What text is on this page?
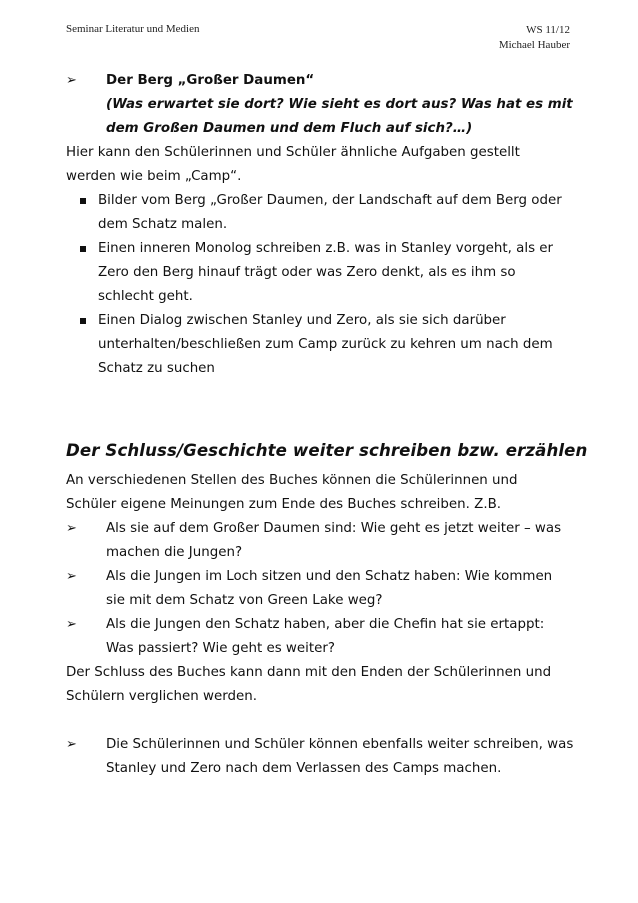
Seminar Literatur und Medien	WS 11/12
Michael Hauber
➢ Der Berg „Großer Daumen“
(Was erwartet sie dort? Wie sieht es dort aus? Was hat es mit
dem Großen Daumen und dem Fluch auf sich?…)
Hier kann den Schülerinnen und Schüler ähnliche Aufgaben gestellt
werden wie beim „Camp“.
Bilder vom Berg „Großer Daumen, der Landschaft auf dem Berg oder
dem Schatz malen.
Einen inneren Monolog schreiben z.B. was in Stanley vorgeht, als er
Zero den Berg hinauf trägt oder was Zero denkt, als es ihm so
schlecht geht.
Einen Dialog zwischen Stanley und Zero, als sie sich darüber
unterhalten/beschließen zum Camp zurück zu kehren um nach dem
Schatz zu suchen
Der Schluss/Geschichte weiter schreiben bzw. erzählen
An verschiedenen Stellen des Buches können die Schülerinnen und
Schüler eigene Meinungen zum Ende des Buches schreiben. Z.B.
➢ Als sie auf dem Großer Daumen sind: Wie geht es jetzt weiter – was
machen die Jungen?
➢ Als die Jungen im Loch sitzen und den Schatz haben: Wie kommen
sie mit dem Schatz von Green Lake weg?
➢ Als die Jungen den Schatz haben, aber die Chefin hat sie ertappt:
Was passiert? Wie geht es weiter?
Der Schluss des Buches kann dann mit den Enden der Schülerinnen und
Schülern verglichen werden.
➢ Die Schülerinnen und Schüler können ebenfalls weiter schreiben, was
Stanley und Zero nach dem Verlassen des Camps machen.
